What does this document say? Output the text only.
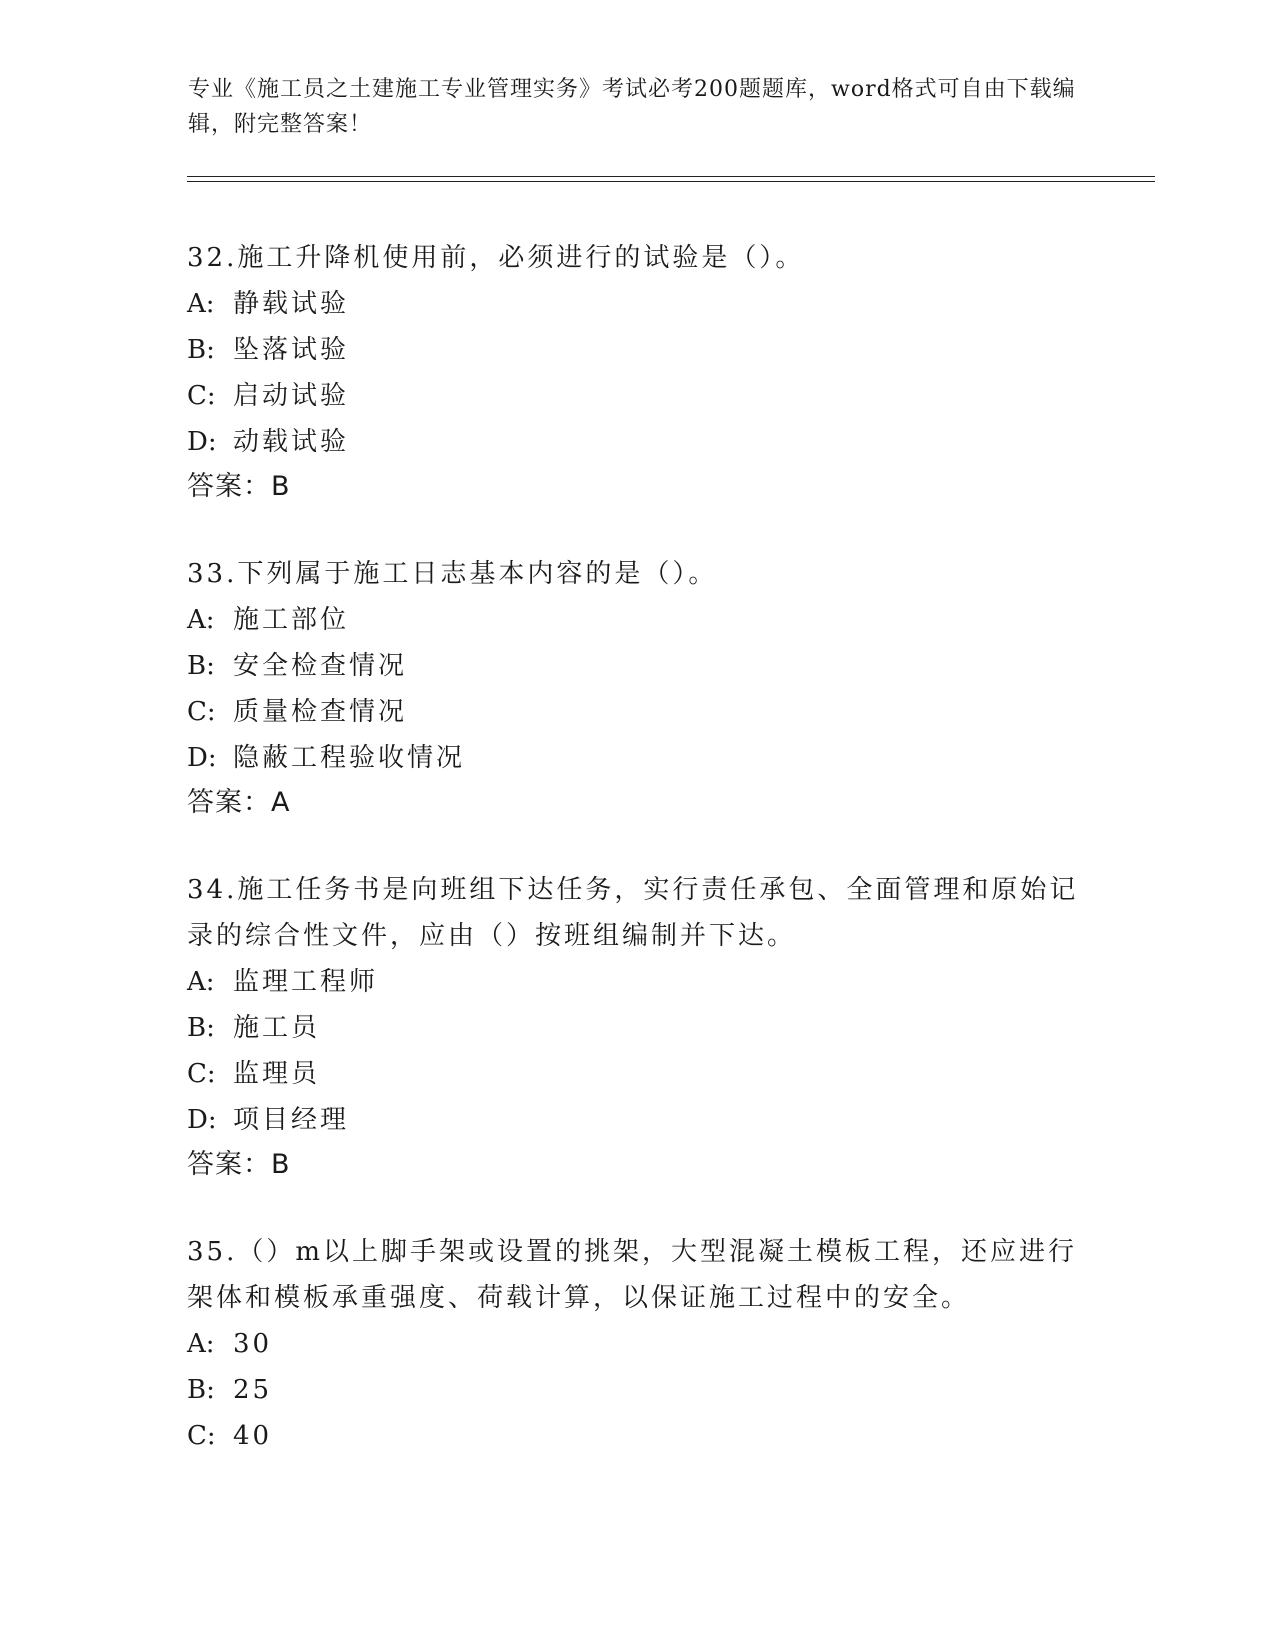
专业《施工员之土建施工专业管理实务》考试必考200题题库，word格式可自由下载编辑，附完整答案！

32.施工升降机使用前，必须进行的试验是（）。

A: 静载试验

B: 坠落试验

C: 启动试验

D: 动载试验

答案：B

33.下列属于施工日志基本内容的是（）。

A: 施工部位

B: 安全检查情况

C: 质量检查情况

D: 隐蔽工程验收情况

答案：A

34.施工任务书是向班组下达任务，实行责任承包、全面管理和原始记录的综合性文件，应由（）按班组编制并下达。

A: 监理工程师

B: 施工员

C: 监理员

D: 项目经理

答案：B

35.（）m以上脚手架或设置的挑架，大型混凝土模板工程，还应进行架体和模板承重强度、荷载计算，以保证施工过程中的安全。

A: 30

B: 25

C: 40
